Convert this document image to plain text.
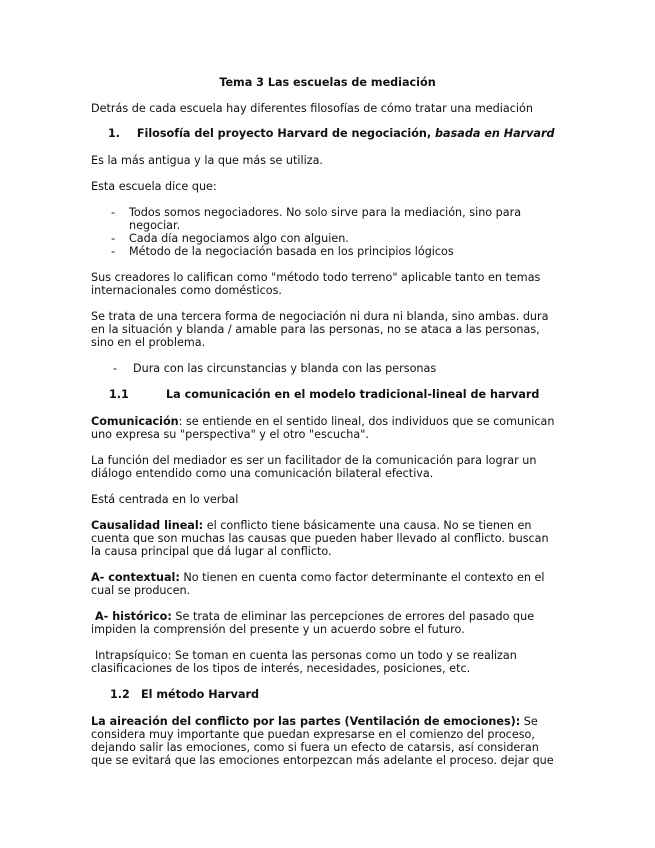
Tema 3 Las escuelas de mediación
Detrás de cada escuela hay diferentes filosofías de cómo tratar una mediación
1. Filosofía del proyecto Harvard de negociación, basada en Harvard
Es la más antigua y la que más se utiliza.
Esta escuela dice que:
- Todos somos negociadores. No solo sirve para la mediación, sino para
negociar.
- Cada día negociamos algo con alguien.
- Método de la negociación basada en los principios lógicos
Sus creadores lo califican como "método todo terreno" aplicable tanto en temas
internacionales como domésticos.
Se trata de una tercera forma de negociación ni dura ni blanda, sino ambas. dura
en la situación y blanda / amable para las personas, no se ataca a las personas,
sino en el problema.
- Dura con las circunstancias y blanda con las personas
1.1	La comunicación en el modelo tradicional-lineal de harvard
Comunicación: se entiende en el sentido lineal, dos individuos que se comunican
uno expresa su "perspectiva" y el otro "escucha".
La función del mediador es ser un facilitador de la comunicación para lograr un
diálogo entendido como una comunicación bilateral efectiva.
Está centrada en lo verbal
Causalidad lineal: el conflicto tiene básicamente una causa. No se tienen en
cuenta que son muchas las causas que pueden haber llevado al conflicto. buscan
la causa principal que dá lugar al conflicto.
A- contextual: No tienen en cuenta como factor determinante el contexto en el
cual se producen.
A- histórico: Se trata de eliminar las percepciones de errores del pasado que
impiden la comprensión del presente y un acuerdo sobre el futuro.
Intrapsíquico: Se toman en cuenta las personas como un todo y se realizan
clasificaciones de los tipos de interés, necesidades, posiciones, etc.
1.2 El método Harvard
La aireación del conflicto por las partes (Ventilación de emociones): Se
considera muy importante que puedan expresarse en el comienzo del proceso,
dejando salir las emociones, como si fuera un efecto de catarsis, así consideran
que se evitará que las emociones entorpezcan más adelante el proceso. dejar que
